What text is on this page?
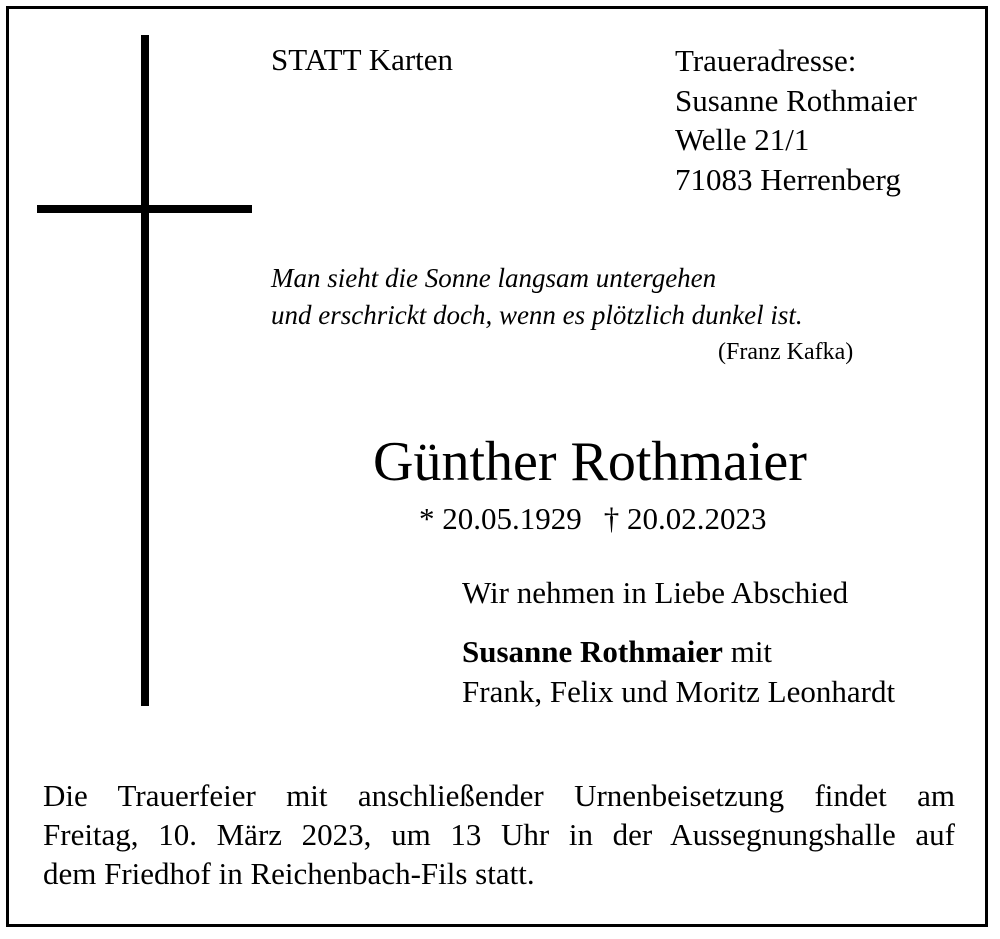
STATT Karten	Traueradresse:
Susanne Rothmaier
Welle 21/1
71083 Herrenberg
Man sieht die Sonne langsam untergehen
und erschrickt doch, wenn es plötzlich dunkel ist.
(Franz Kafka)
Günther Rothmaier
* 20.05.1929 † 20.02.2023
Wir nehmen in Liebe Abschied
Susanne Rothmaier mit
Frank, Felix und Moritz Leonhardt
Die Trauerfeier mit anschließender Urnenbeisetzung findet am
Freitag, 10. März 2023, um 13 Uhr in der Aussegnungshalle auf
dem Friedhof in Reichenbach-Fils statt.
